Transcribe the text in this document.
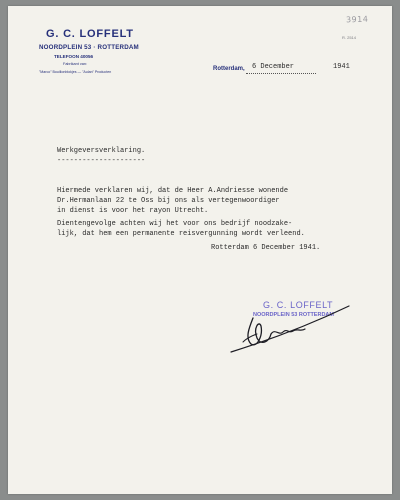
3914
G. C. LOFFELT
NOORDPLEIN 53 · ROTTERDAM
TELEFOON 40056
Fabrikant van:
"Marco" Bouillonblokjes — "Aulan" Producten
R. 2514
Rotterdam, 6 December	1941
Werkgeversverklaring.
---------------------
Hiermede verklaren wij, dat de Heer A.Andriesse wonende
Dr.Hermanlaan 22 te Oss bij ons als vertegenwoordiger
in dienst is voor het rayon Utrecht.
Dientengevolge achten wij het voor ons bedrijf noodzake-
lijk, dat hem een permanente reisvergunning wordt verleend.
Rotterdam 6 December 1941.
G. C. LOFFELT
NOORDPLEIN 53 ROTTERDAM
